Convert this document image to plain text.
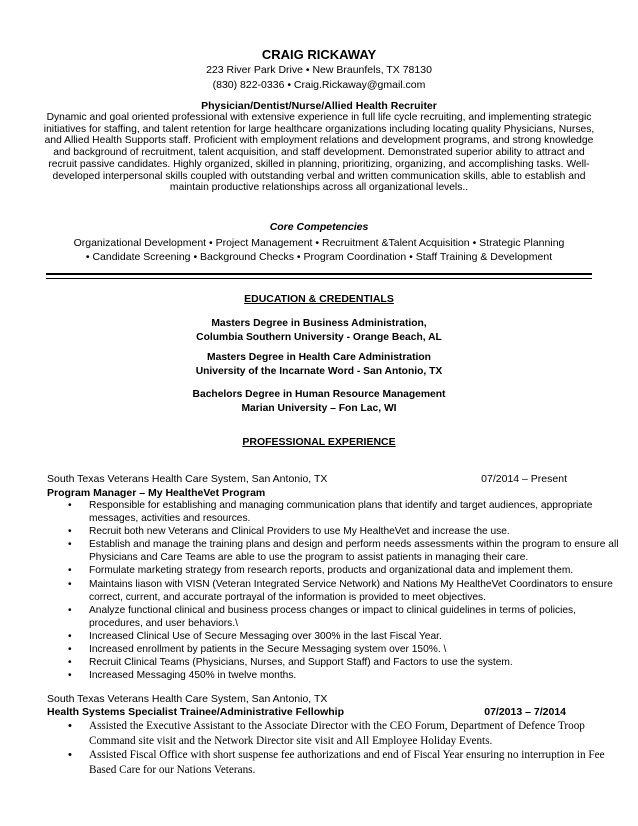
CRAIG RICKAWAY
223 River Park Drive • New Braunfels, TX 78130
(830) 822-0336 • Craig.Rickaway@gmail.com
Physician/Dentist/Nurse/Allied Health Recruiter
Dynamic and goal oriented professional with extensive experience in full life cycle recruiting, and implementing strategic initiatives for staffing, and talent retention for large healthcare organizations including locating quality Physicians, Nurses, and Allied Health Supports staff. Proficient with employment relations and development programs, and strong knowledge and background of recruitment, talent acquisition, and staff development. Demonstrated superior ability to attract and recruit passive candidates. Highly organized, skilled in planning, prioritizing, organizing, and accomplishing tasks. Well-developed interpersonal skills coupled with outstanding verbal and written communication skills, able to establish and maintain productive relationships across all organizational levels..
Core Competencies
Organizational Development • Project Management • Recruitment &Talent Acquisition • Strategic Planning
• Candidate Screening • Background Checks • Program Coordination • Staff Training & Development
EDUCATION & CREDENTIALS
Masters Degree in Business Administration,
Columbia Southern University - Orange Beach, AL
Masters Degree in Health Care Administration
University of the Incarnate Word - San Antonio, TX
Bachelors Degree in Human Resource Management
Marian University – Fon Lac, WI
PROFESSIONAL EXPERIENCE
South Texas Veterans Health Care System, San Antonio, TX	07/2014 – Present
Program Manager – My HealtheVet Program
• Responsible for establishing and managing communication plans that identify and target audiences, appropriate messages, activities and resources.
• Recruit both new Veterans and Clinical Providers to use My HealtheVet and increase the use.
• Establish and manage the training plans and design and perform needs assessments within the program to ensure all Physicians and Care Teams are able to use the program to assist patients in managing their care.
• Formulate marketing strategy from research reports, products and organizational data and implement them.
• Maintains liason with VISN (Veteran Integrated Service Network) and Nations My HealtheVet Coordinators to ensure correct, current, and accurate portrayal of the information is provided to meet objectives.
• Analyze functional clinical and business process changes or impact to clinical guidelines in terms of policies, procedures, and user behaviors.\
• Increased Clinical Use of Secure Messaging over 300% in the last Fiscal Year.
• Increased enrollment by patients in the Secure Messaging system over 150%. \
• Recruit Clinical Teams (Physicians, Nurses, and Support Staff) and Factors to use the system.
• Increased Messaging 450% in twelve months.
South Texas Veterans Health Care System, San Antonio, TX
Health Systems Specialist Trainee/Administrative Fellowhip	07/2013 – 7/2014
• Assisted the Executive Assistant to the Associate Director with the CEO Forum, Department of Defence Troop Command site visit and the Network Director site visit and All Employee Holiday Events.
• Assisted Fiscal Office with short suspense fee authorizations and end of Fiscal Year ensuring no interruption in Fee Based Care for our Nations Veterans.
